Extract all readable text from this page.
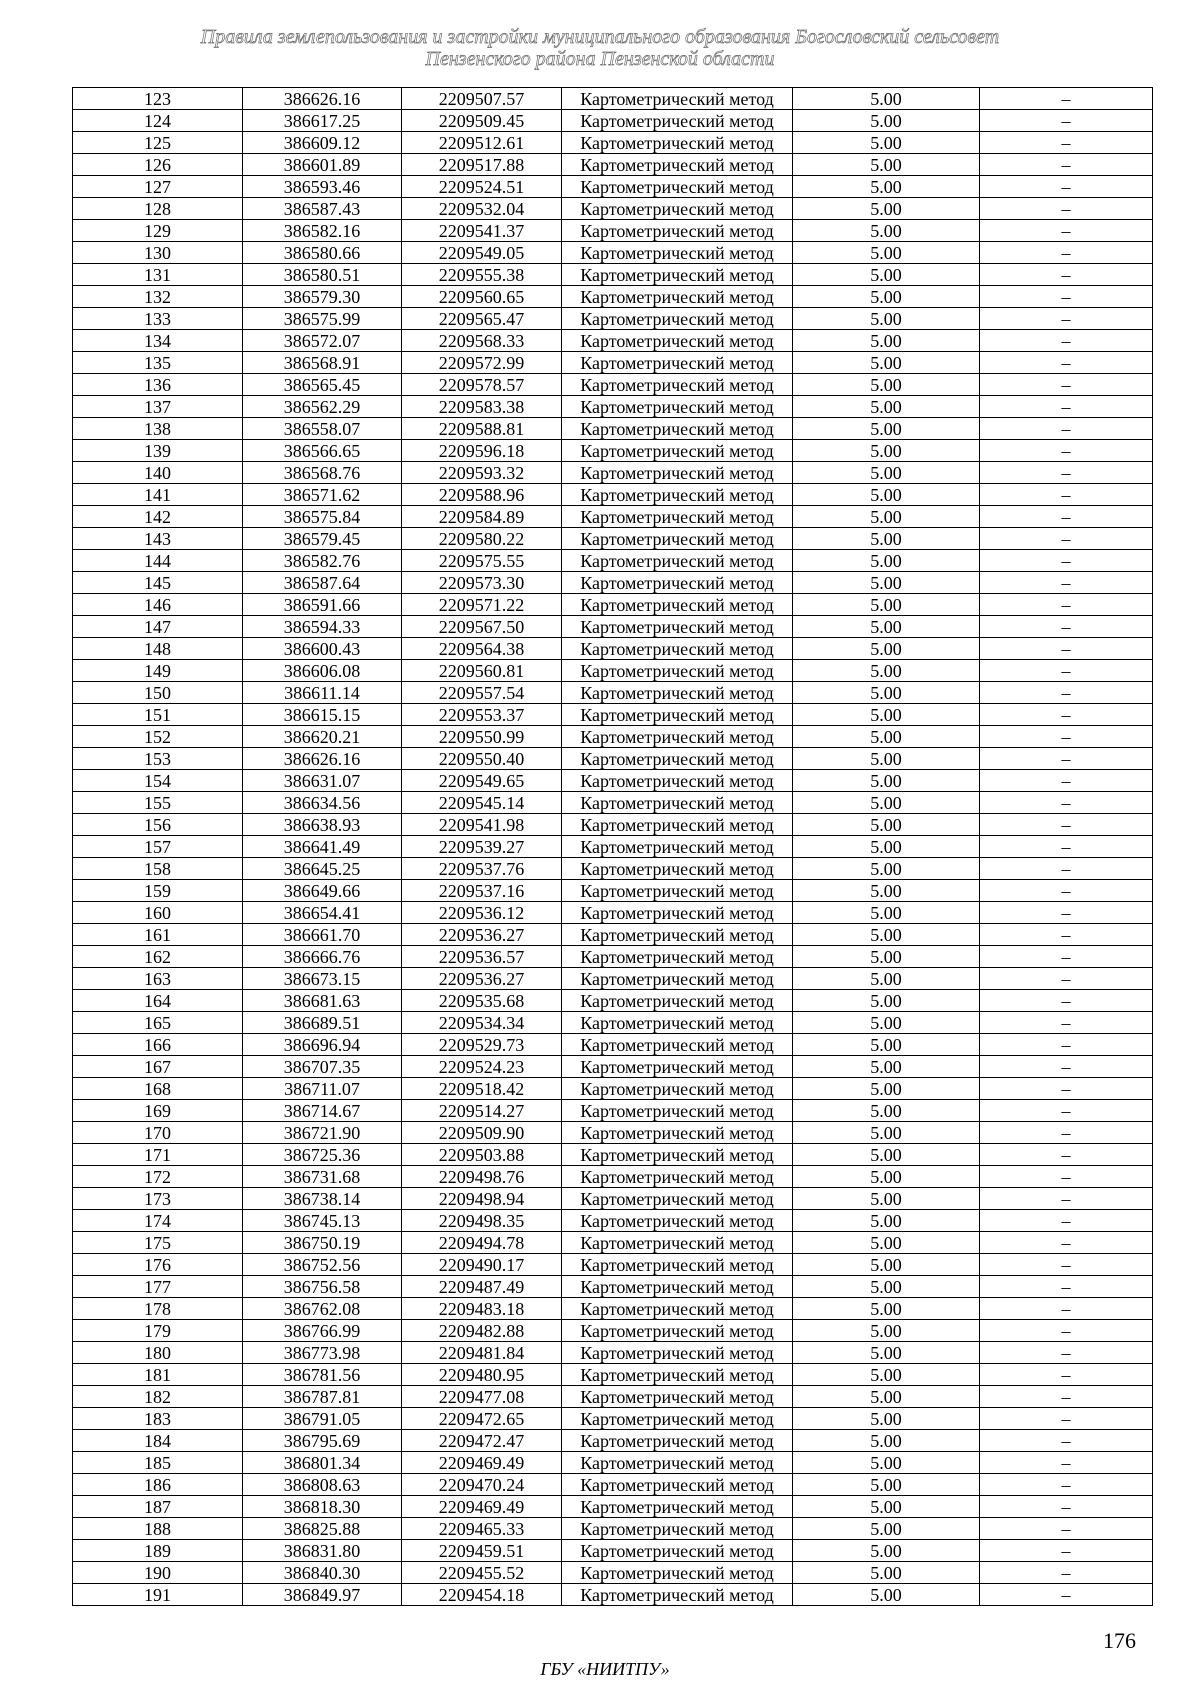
Правила землепользования и застройки муниципального образования Богословский сельсовет
Пензенского района Пензенской области
123	386626.16	2209507.57	Картометрический метод	5.00	–
124	386617.25	2209509.45	Картометрический метод	5.00	–
125	386609.12	2209512.61	Картометрический метод	5.00	–
126	386601.89	2209517.88	Картометрический метод	5.00	–
127	386593.46	2209524.51	Картометрический метод	5.00	–
128	386587.43	2209532.04	Картометрический метод	5.00	–
129	386582.16	2209541.37	Картометрический метод	5.00	–
130	386580.66	2209549.05	Картометрический метод	5.00	–
131	386580.51	2209555.38	Картометрический метод	5.00	–
132	386579.30	2209560.65	Картометрический метод	5.00	–
133	386575.99	2209565.47	Картометрический метод	5.00	–
134	386572.07	2209568.33	Картометрический метод	5.00	–
135	386568.91	2209572.99	Картометрический метод	5.00	–
136	386565.45	2209578.57	Картометрический метод	5.00	–
137	386562.29	2209583.38	Картометрический метод	5.00	–
138	386558.07	2209588.81	Картометрический метод	5.00	–
139	386566.65	2209596.18	Картометрический метод	5.00	–
140	386568.76	2209593.32	Картометрический метод	5.00	–
141	386571.62	2209588.96	Картометрический метод	5.00	–
142	386575.84	2209584.89	Картометрический метод	5.00	–
143	386579.45	2209580.22	Картометрический метод	5.00	–
144	386582.76	2209575.55	Картометрический метод	5.00	–
145	386587.64	2209573.30	Картометрический метод	5.00	–
146	386591.66	2209571.22	Картометрический метод	5.00	–
147	386594.33	2209567.50	Картометрический метод	5.00	–
148	386600.43	2209564.38	Картометрический метод	5.00	–
149	386606.08	2209560.81	Картометрический метод	5.00	–
150	386611.14	2209557.54	Картометрический метод	5.00	–
151	386615.15	2209553.37	Картометрический метод	5.00	–
152	386620.21	2209550.99	Картометрический метод	5.00	–
153	386626.16	2209550.40	Картометрический метод	5.00	–
154	386631.07	2209549.65	Картометрический метод	5.00	–
155	386634.56	2209545.14	Картометрический метод	5.00	–
156	386638.93	2209541.98	Картометрический метод	5.00	–
157	386641.49	2209539.27	Картометрический метод	5.00	–
158	386645.25	2209537.76	Картометрический метод	5.00	–
159	386649.66	2209537.16	Картометрический метод	5.00	–
160	386654.41	2209536.12	Картометрический метод	5.00	–
161	386661.70	2209536.27	Картометрический метод	5.00	–
162	386666.76	2209536.57	Картометрический метод	5.00	–
163	386673.15	2209536.27	Картометрический метод	5.00	–
164	386681.63	2209535.68	Картометрический метод	5.00	–
165	386689.51	2209534.34	Картометрический метод	5.00	–
166	386696.94	2209529.73	Картометрический метод	5.00	–
167	386707.35	2209524.23	Картометрический метод	5.00	–
168	386711.07	2209518.42	Картометрический метод	5.00	–
169	386714.67	2209514.27	Картометрический метод	5.00	–
170	386721.90	2209509.90	Картометрический метод	5.00	–
171	386725.36	2209503.88	Картометрический метод	5.00	–
172	386731.68	2209498.76	Картометрический метод	5.00	–
173	386738.14	2209498.94	Картометрический метод	5.00	–
174	386745.13	2209498.35	Картометрический метод	5.00	–
175	386750.19	2209494.78	Картометрический метод	5.00	–
176	386752.56	2209490.17	Картометрический метод	5.00	–
177	386756.58	2209487.49	Картометрический метод	5.00	–
178	386762.08	2209483.18	Картометрический метод	5.00	–
179	386766.99	2209482.88	Картометрический метод	5.00	–
180	386773.98	2209481.84	Картометрический метод	5.00	–
181	386781.56	2209480.95	Картометрический метод	5.00	–
182	386787.81	2209477.08	Картометрический метод	5.00	–
183	386791.05	2209472.65	Картометрический метод	5.00	–
184	386795.69	2209472.47	Картометрический метод	5.00	–
185	386801.34	2209469.49	Картометрический метод	5.00	–
186	386808.63	2209470.24	Картометрический метод	5.00	–
187	386818.30	2209469.49	Картометрический метод	5.00	–
188	386825.88	2209465.33	Картометрический метод	5.00	–
189	386831.80	2209459.51	Картометрический метод	5.00	–
190	386840.30	2209455.52	Картометрический метод	5.00	–
191	386849.97	2209454.18	Картометрический метод	5.00	–
176
ГБУ «НИИТПУ»
